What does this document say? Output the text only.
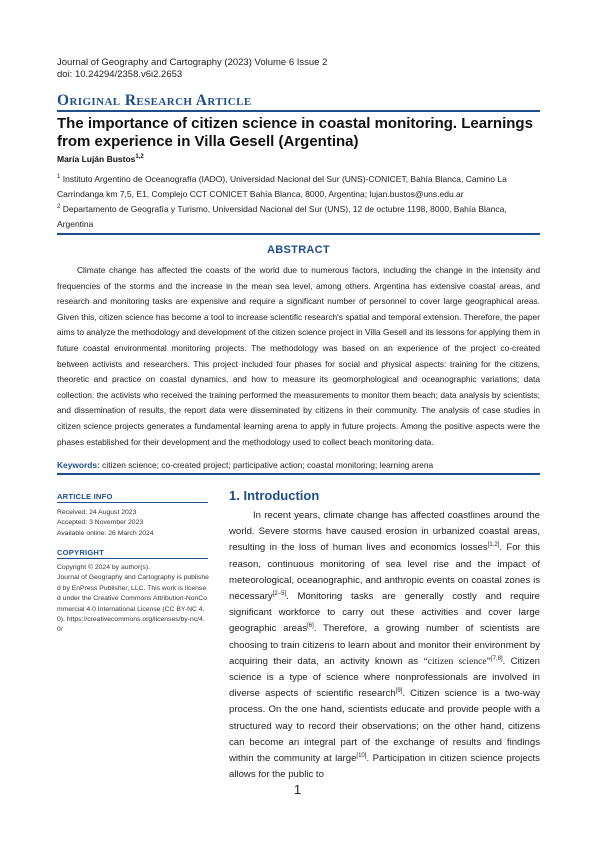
Journal of Geography and Cartography (2023) Volume 6 Issue 2
doi: 10.24294/2358.v6i2.2653
Original Research Article
The importance of citizen science in coastal monitoring. Learnings from experience in Villa Gesell (Argentina)
María Luján Bustos$^{1,2}$
$^1$ Instituto Argentino de Oceanografía (IADO), Universidad Nacional del Sur (UNS)-CONICET, Bahía Blanca, Camino La Carrindanga km 7,5, E1, Complejo CCT CONICET Bahía Blanca, 8000, Argentina; lujan.bustos@uns.edu.ar
$^2$ Departamento de Geografía y Turismo, Universidad Nacional del Sur (UNS), 12 de octubre 1198, 8000, Bahía Blanca, Argentina
ABSTRACT
Climate change has affected the coasts of the world due to numerous factors, including the change in the intensity and frequencies of the storms and the increase in the mean sea level, among others. Argentina has extensive coastal areas, and research and monitoring tasks are expensive and require a significant number of personnel to cover large geographical areas. Given this, citizen science has become a tool to increase scientific research's spatial and temporal extension. Therefore, the paper aims to analyze the methodology and development of the citizen science project in Villa Gesell and its lessons for applying them in future coastal environmental monitoring projects. The methodology was based on an experience of the project co-created between activists and researchers. This project included four phases for social and physical aspects: training for the citizens, theoretic and practice on coastal dynamics, and how to measure its geomorphological and oceanographic variations; data collection: the activists who received the training performed the measurements to monitor them beach; data analysis by scientists; and dissemination of results, the report data were disseminated by citizens in their community. The analysis of case studies in citizen science projects generates a fundamental learning arena to apply in future projects. Among the positive aspects were the phases established for their development and the methodology used to collect beach monitoring data.
Keywords: citizen science; co-created project; participative action; coastal monitoring; learning arena
ARTICLE INFO
Received: 24 August 2023
Accepted: 3 November 2023
Available online: 26 March 2024
COPYRIGHT
Copyright © 2024 by author(s).
Journal of Geography and Cartography is published by EnPress Publisher, LLC. This work is licensed under the Creative Commons Attribution-NonCommercial 4.0 International License (CC BY-NC 4.0). https://creativecommons.org/licenses/by-nc/4.0/
1. Introduction
In recent years, climate change has affected coastlines around the world. Severe storms have caused erosion in urbanized coastal areas, resulting in the loss of human lives and economics losses[1,2]. For this reason, continuous monitoring of sea level rise and the impact of meteorological, oceanographic, and anthropic events on coastal zones is necessary[2–5]. Monitoring tasks are generally costly and require significant workforce to carry out these activities and cover large geographic areas[6]. Therefore, a growing number of scientists are choosing to train citizens to learn about and monitor their environment by acquiring their data, an activity known as “citizen science”[7,8]. Citizen science is a type of science where nonprofessionals are involved in diverse aspects of scientific research[9]. Citizen science is a two-way process. On the one hand, scientists educate and provide people with a structured way to record their observations; on the other hand, citizens can become an integral part of the exchange of results and findings within the community at large[10]. Participation in citizen science projects allows for the public to
1
